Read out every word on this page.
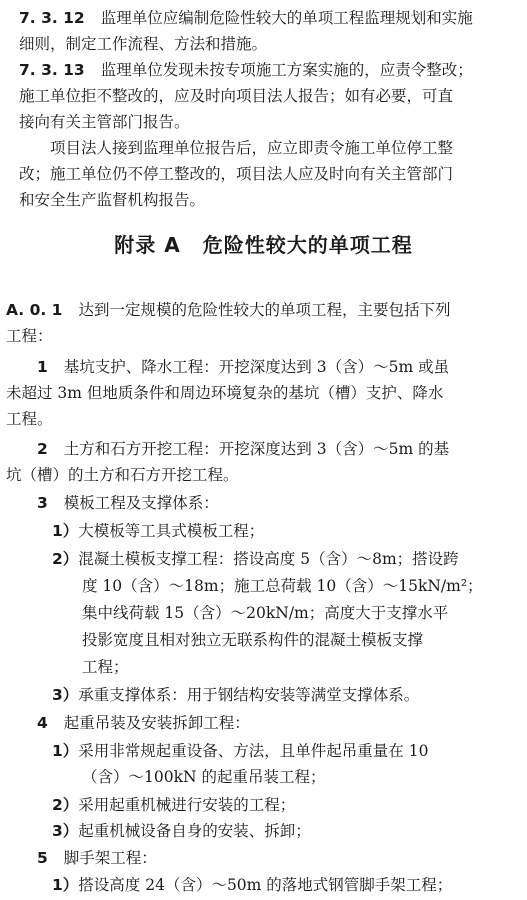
7. 3. 12 监理单位应编制危险性较大的单项工程监理规划和实施
细则，制定工作流程、方法和措施。
7. 3. 13 监理单位发现未按专项施工方案实施的，应责令整改；
施工单位拒不整改的，应及时向项目法人报告；如有必要，可直
接向有关主管部门报告。
项目法人接到监理单位报告后，应立即责令施工单位停工整
改；施工单位仍不停工整改的，项目法人应及时向有关主管部门
和安全生产监督机构报告。
附录 A 危险性较大的单项工程
A. 0. 1 达到一定规模的危险性较大的单项工程，主要包括下列
工程：
1 基坑支护、降水工程：开挖深度达到 3（含）～5m 或虽
未超过 3m 但地质条件和周边环境复杂的基坑（槽）支护、降水
工程。
2 土方和石方开挖工程：开挖深度达到 3（含）～5m 的基
坑（槽）的土方和石方开挖工程。
3 模板工程及支撑体系：
1）大模板等工具式模板工程；
2）混凝土模板支撑工程：搭设高度 5（含）～8m；搭设跨
度 10（含）～18m；施工总荷载 10（含）～15kN/m²；
集中线荷载 15（含）～20kN/m；高度大于支撑水平
投影宽度且相对独立无联系构件的混凝土模板支撑
工程；
3）承重支撑体系：用于钢结构安装等满堂支撑体系。
4 起重吊装及安装拆卸工程：
1）采用非常规起重设备、方法，且单件起吊重量在 10
（含）～100kN 的起重吊装工程；
2）采用起重机械进行安装的工程；
3）起重机械设备自身的安装、拆卸；
5 脚手架工程：
1）搭设高度 24（含）～50m 的落地式钢管脚手架工程；
